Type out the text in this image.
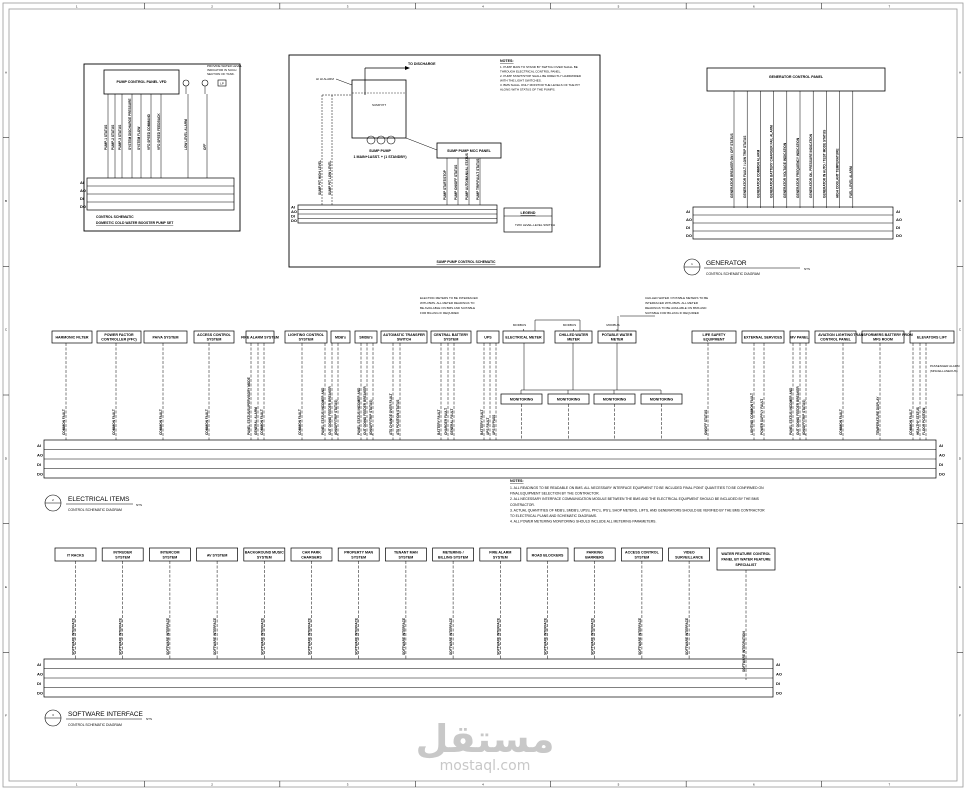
1
1
2
2
3
3
4
4
5
5
6
6
7
7
A	A
B	B
C	C
D	D
E	E
F	F
PUMP CONTROL PANEL VFD	LP
PROVIDE WATER LEVEL
INDICATOR IN SUCH
SECTION OF TANK.
PUMP-1 STATUS PUMP-2 STATUS PUMP-3 STATUS SYSTEM DISCHARGE PRESSURE SYSTEM FLOW VFD SPEED COMMAND VFD SPEED FEEDBACK	LOW LEVEL ALARM	OFF
AI
AO
DI
DO
CONTROL SCHEMATIC
DOMESTIC COLD WATER BOOSTER PUMP SET
TO DISCHARGE
SUMP PIT
HI HI ALARM
SUMP PUMP
1 MAIN+1ASST. + (1 STANDBY)
SUMP PUMP MCC PANEL
NOTES:
1. PUMP MAIN TO STAND BY SWITCH OVER SHALL BE
THROUGH ELECTRICAL CONTROL PANEL.
2. PUMP START/STOP SHALL BE DIRECTLY HARDWIRED
WITH THE LIGHT SWITCHES.
3. BMS SHALL ONLY MONITOR THE LEVELS OF THE PIT
ALONG WITH STATUS OF THE PUMPS.
SUMP PIT HIGH LEVEL SUMP PIT LOW LEVEL	PUMP START/STOP PUMP ON/OFF STATUS PUMP AUTO/MANUAL STATUS PUMP TRIP/FAULT STATUS
AI
AO
DI
DO
LEGEND
TWO LEVEL-LEVEL SWITCH
SUMP PUMP CONTROL SCHEMATIC
GENERATOR CONTROL PANEL
GENERATOR BREAKER ON / OFF STATUS	GENERATOR FAULT / LOW TRIP STATUS	GENERATOR COMMON ALARM	GENERATOR BATTERY CHARGER FAIL ALARM	GENERATOR VOLTAGE INDICATION	GENERATOR FREQUENCY INDICATION	GENERATOR OIL PRESSURE INDICATION	GENERATOR IN AUTO / TEST MODE STATUS	HIGH COOLANT TEMPERATURE	FUEL LEVEL ALARM
AI	AI
AO	AO
DI	DI
DO	DO
1 GENERATOR
NTS
CONTROL SCHEMATIC DIAGRAM
ELECTRIC METERS TO BE INTERFACED
WITH BMS. ALL METER READINGS TO
BE AVAILABLE ON BMS AND SUITABLE
FOR BILLING IF REQUIRED
CHILLED WATER / POTABLE METERS TO BE
INTERFACED WITH BMS. ALL METER
READINGS TO BE AVAILABLE ON BMS AND
SUITABLE FOR BILLING IF REQUIRED
HARMONIC FILTER
COMMON FAULT
POWER FACTOR
CONTROLLER (PFC)
COMMON FAULT
PA/VA SYSTEM
COMMON FAULT
ACCESS CONTROL
SYSTEM
COMMON FAULT
FIRE ALARM SYSTEM
PANEL STATUS/SUPERVISORY MODE GENERAL ALARM COMMON FAULT
LIGHTING CONTROL
SYSTEM
COMMON FAULT
MDB's
PANEL STATUS INCOMER AND OUT GOING FEEDER BREAKER (ON/OFF/TRIP STATUS)
SMDB's
PANEL STATUS INCOMER AND OUT GOING FEEDER BREAKER (ON/OFF/TRIP STATUS)
AUTOMATIC TRANSFER
SWITCH
ATS CHANGE OVER FAULT ATS POSITION STATUS
CENTRAL BATTERY
SYSTEM
BATTERY FAULT CHARGER FAULT GENERAL FAULT
UPS
BATTERY FAULT UPS FAULT UPS BYPASS
ELECTRICAL METER
CHILLED WATER
METER
POTABLE WATER
METER
LIFE SAFETY
EQUIPMENT
ON/OFF STATUS
EXTERNAL SERVICES
LIGHTING COMMON FAULT POWER SUPPLY FAULT
MV PANEL
PANEL STATUS INCOMER AND OUT GOING FEEDER BREAKER (ON/OFF/TRIP STATUS)
AVIATION LIGHTING
CONTROL PANEL
COMMON FAULT
TRANSFORMERS BATTERY FROM
MFS ROOM
TEMPERATURE DISPLAY
ELEVATORS LIFT
COMMON FAULT HEALTHY STATUS FLOOR POSITION
MODBUS	MODBUS	MODBUS
MONITORING	MONITORING	MONITORING	MONITORING
AI	AI
AO	AO
DI	DI
DO	DO
PASSENGER ALARM
(MISCELLANEOUS)
2 ELECTRICAL ITEMS
NTS
CONTROL SCHEMATIC DIAGRAM
NOTES:
1. ALL READINGS TO BE READABLE ON BMS. ALL NECESSARY INTERFACE EQUIPMENT TO BE INCLUDED FINAL POINT QUANTITIES TO BE CONFIRMED ON
FINAL EQUIPMENT SELECTION BY THE CONTRACTOR.
2. ALL NECESSARY INTERFACE COMMUNICATION MODULE BETWEEN THE BMS AND THE ELECTRICAL EQUIPMENT SHOULD BE INCLUDED BY THE BMS
CONTRACTOR.
3. ACTUAL QUANTITIES OF MDB's, SMDB's, UPS's, PFC's, IPS's, SHOP METERS, LIFTS, AND GENERATORS SHOULD BE VERIFIED BY THE BMS CONTRACTOR
TO ELECTRICAL PLANS AND SCHEMATIC DIAGRAMS.
4. ALL POWER METERING MONITORING SHOULD INCLUDE ALL METERING PARAMETERS.
IT RACKS
SOFTWARE INTERFACE
INTRUDER
SYSTEM
SOFTWARE INTERFACE
INTERCOM
SYSTEM
SOFTWARE INTERFACE
AV SYSTEM
SOFTWARE INTERFACE
BACKGROUND MUSIC
SYSTEM
SOFTWARE INTERFACE
CAR PARK
CHARGERS
SOFTWARE INTERFACE
PROPERTY MAN
SYSTEM
SOFTWARE INTERFACE
TENANT MAN
SYSTEM
SOFTWARE INTERFACE
METERING /
BILLING SYSTEM
SOFTWARE INTERFACE
FIRE ALARM
SYSTEM
SOFTWARE INTERFACE
ROAD BLOCKERS
SOFTWARE INTERFACE
PARKING
BARRIERS
SOFTWARE INTERFACE
ACCESS CONTROL
SYSTEM
SOFTWARE INTERFACE
VIDEO
SURVEILLANCE
SOFTWARE INTERFACE
WATER FEATURE CONTROL
PANEL BY WATER FEATURE
SPECIALIST
SOFTWARE INTEGRATION
AI	AI
AO	AO
DI	DI
DO	DO
3 SOFTWARE INTERFACE
NTS
CONTROL SCHEMATIC DIAGRAM	مستقل
mostaql.com
